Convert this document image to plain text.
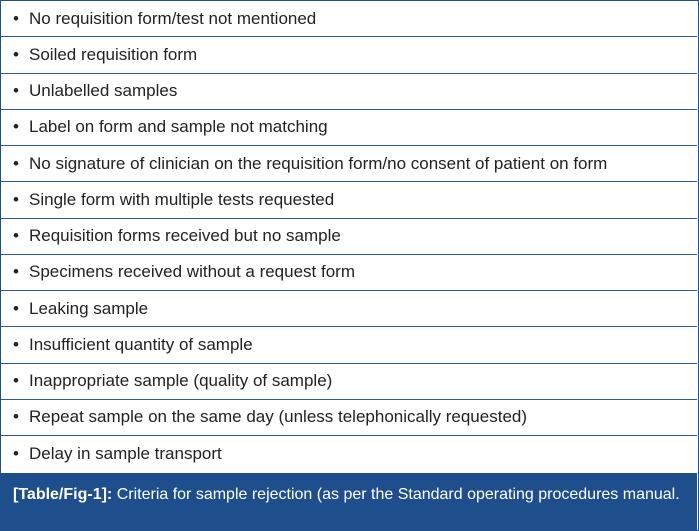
• No requisition form/test not mentioned
• Soiled requisition form
• Unlabelled samples
• Label on form and sample not matching
• No signature of clinician on the requisition form/no consent of patient on form
• Single form with multiple tests requested
• Requisition forms received but no sample
• Specimens received without a request form
• Leaking sample
• Insufficient quantity of sample
• Inappropriate sample (quality of sample)
• Repeat sample on the same day (unless telephonically requested)
• Delay in sample transport
[Table/Fig-1]: Criteria for sample rejection (as per the Standard operating procedures manual.
